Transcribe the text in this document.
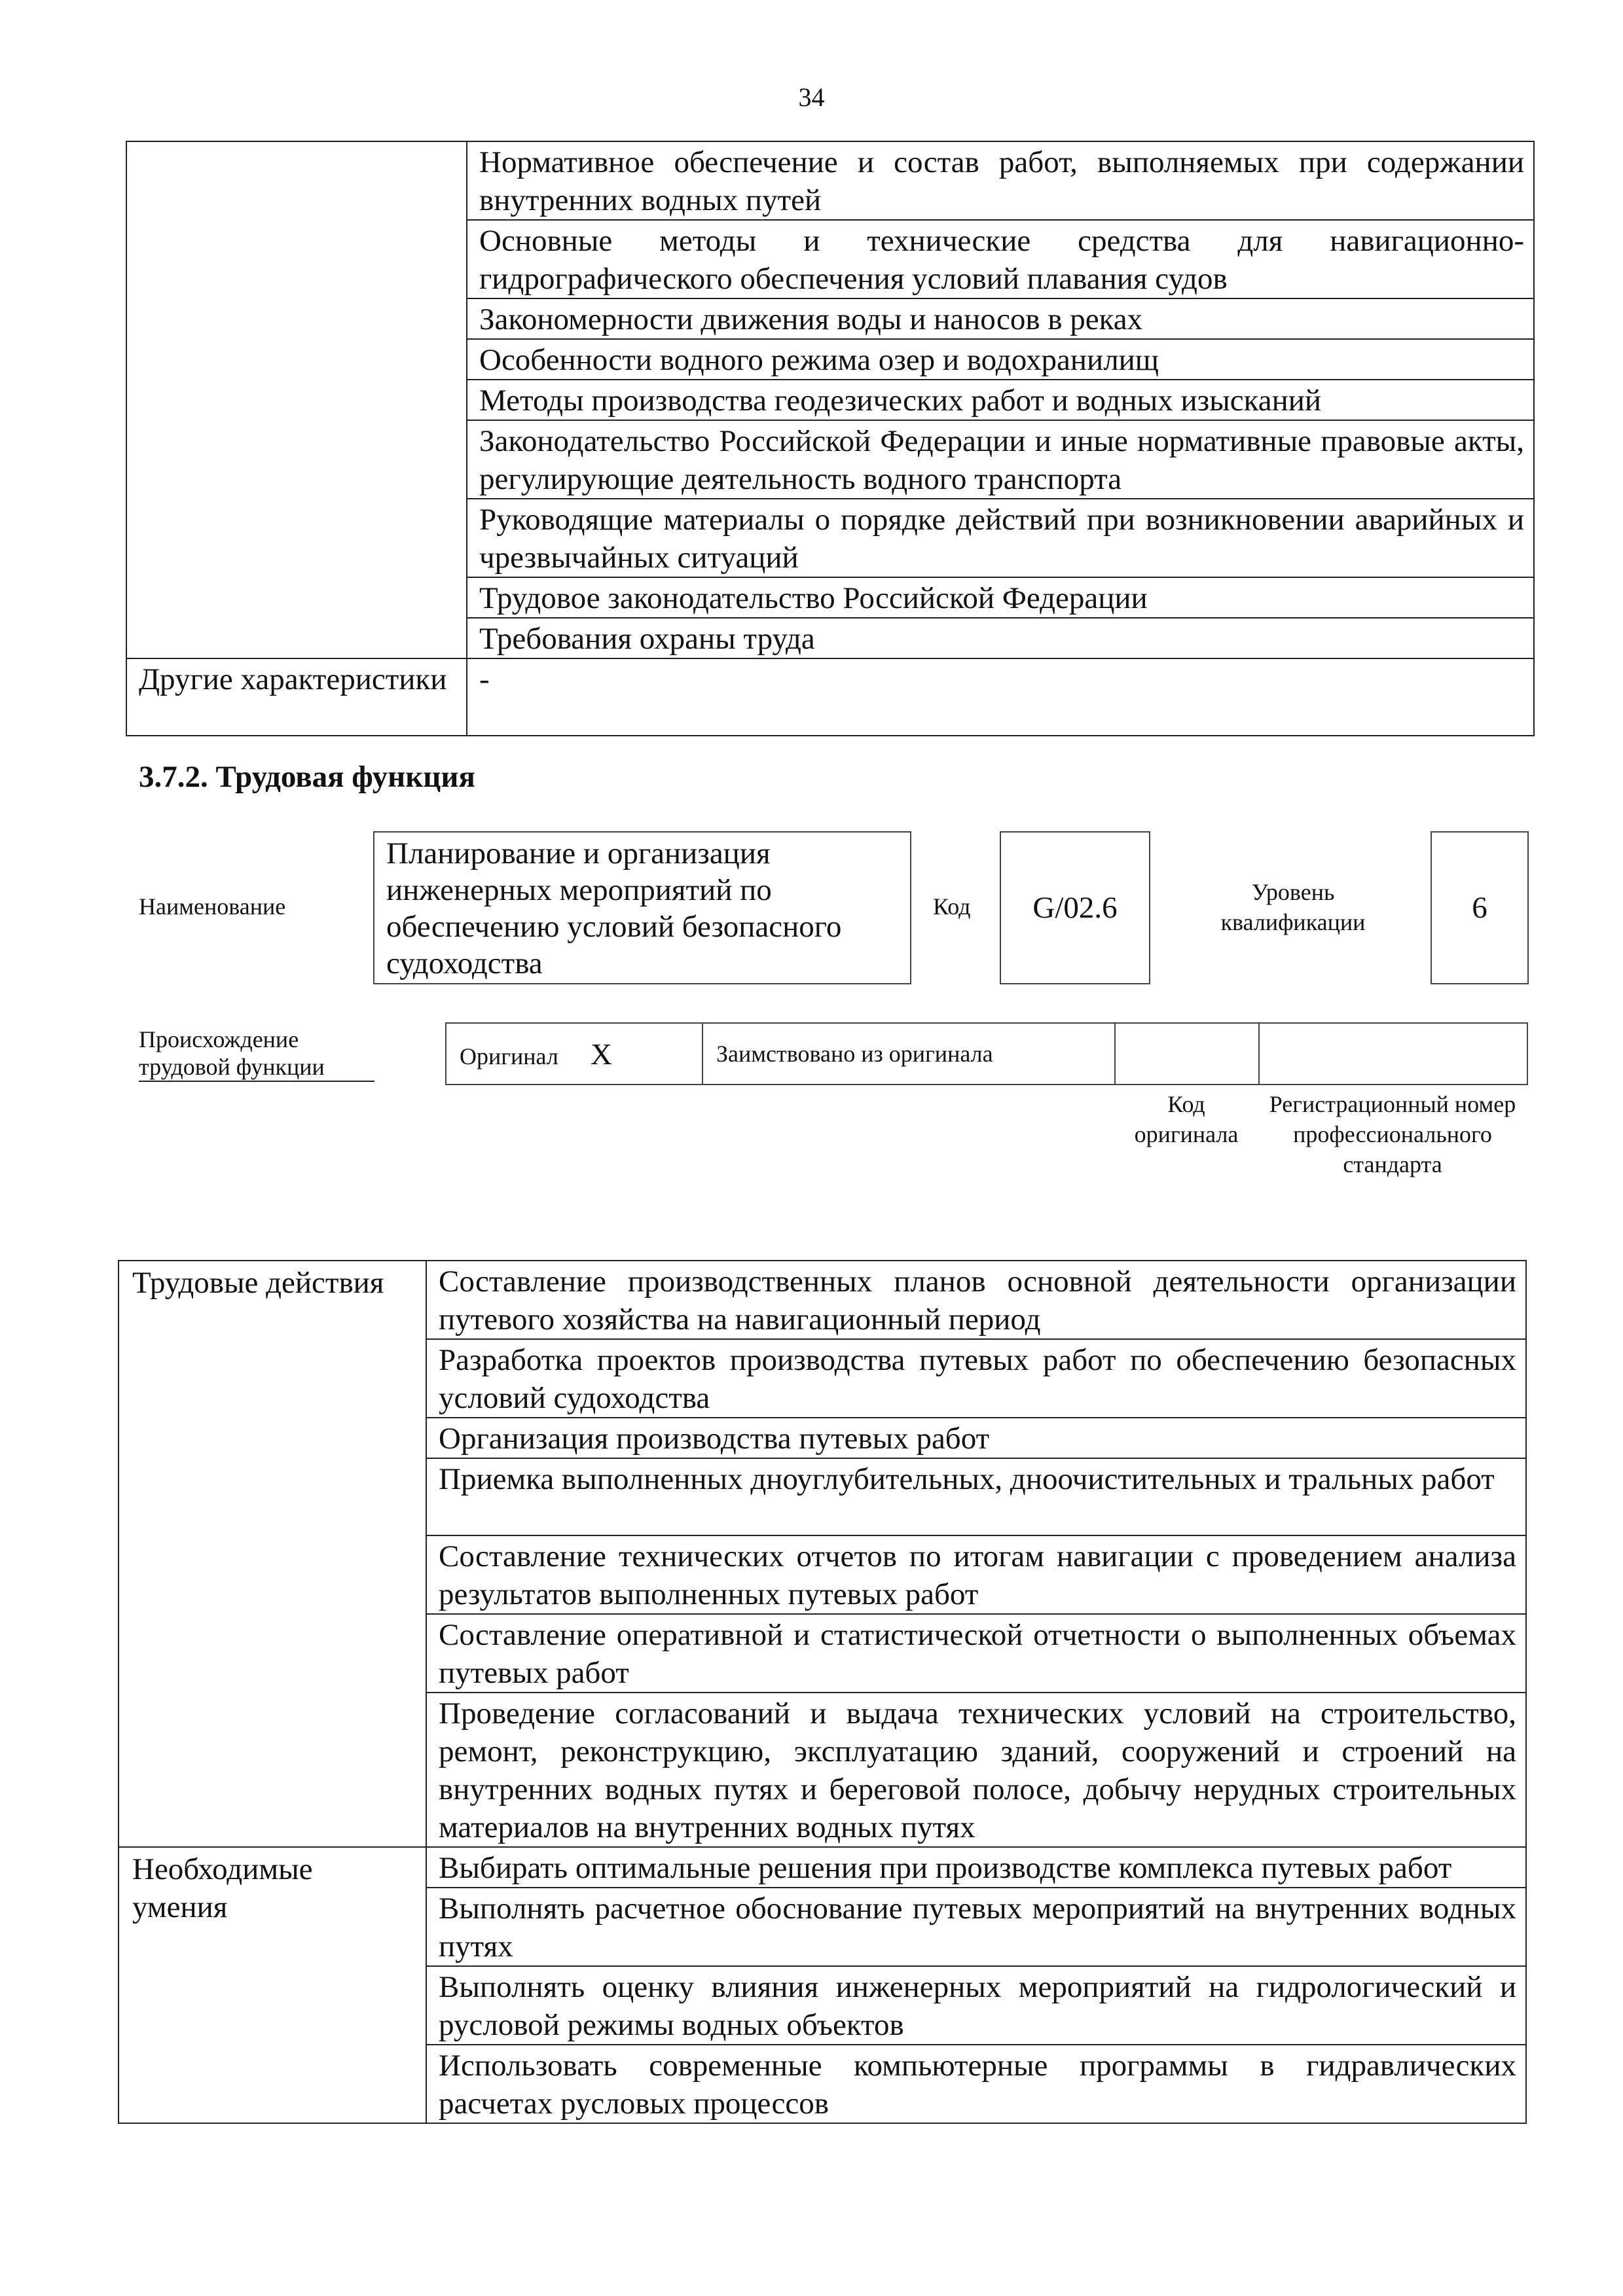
34
	Нормативное обеспечение и состав работ, выполняемых при содержании внутренних водных путей
	Основные методы и технические средства для навигационно-гидрографического обеспечения условий плавания судов
	Закономерности движения воды и наносов в реках
	Особенности водного режима озер и водохранилищ
	Методы производства геодезических работ и водных изысканий
	Законодательство Российской Федерации и иные нормативные правовые акты, регулирующие деятельность водного транспорта
	Руководящие материалы о порядке действий при возникновении аварийных и чрезвычайных ситуаций
	Трудовое законодательство Российской Федерации
	Требования охраны труда
Другие характеристики	-
3.7.2. Трудовая функция
Наименование
Планирование и организация инженерных мероприятий по обеспечению условий безопасного судоходства
Код	G/02.6	Уровень квалификации	6
Происхождение трудовой функции	Оригинал X	Заимствовано из оригинала		
Код оригинала
Регистрационный номер профессионального стандарта
Трудовые действия	Составление производственных планов основной деятельности организации путевого хозяйства на навигационный период
	Разработка проектов производства путевых работ по обеспечению безопасных условий судоходства
	Организация производства путевых работ
	Приемка выполненных дноуглубительных, дноочистительных и тральных работ
	Составление технических отчетов по итогам навигации с проведением анализа результатов выполненных путевых работ
	Составление оперативной и статистической отчетности о выполненных объемах путевых работ
	Проведение согласований и выдача технических условий на строительство, ремонт, реконструкцию, эксплуатацию зданий, сооружений и строений на внутренних водных путях и береговой полосе, добычу нерудных строительных материалов на внутренних водных путях
Необходимые умения	Выбирать оптимальные решения при производстве комплекса путевых работ
	Выполнять расчетное обоснование путевых мероприятий на внутренних водных путях
	Выполнять оценку влияния инженерных мероприятий на гидрологический и русловой режимы водных объектов
	Использовать современные компьютерные программы в гидравлических расчетах русловых процессов
